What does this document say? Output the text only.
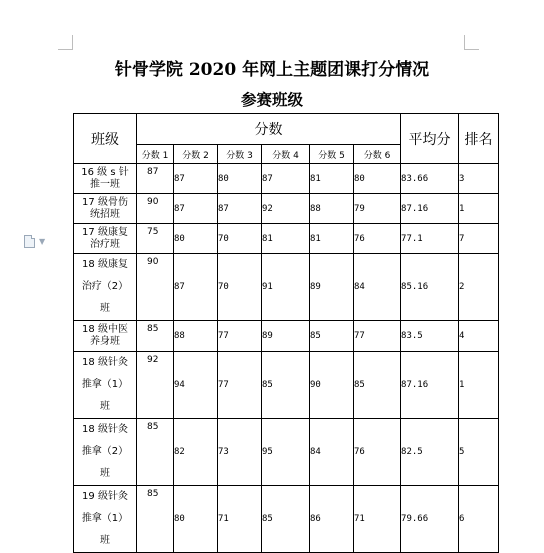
▼
针骨学院 2020 年网上主题团课打分情况
参赛班级
班级	分数						平均分	排名
	分数 1	分数 2	分数 3	分数 4	分数 5	分数 6		

16 级 s 针
推一班	87	87	80	87	81	80	83.66	3

17 级骨伤
统招班	90	87	87	92	88	79	87.16	1

17 级康复
治疗班	75	80	70	81	81	76	77.1	7

18 级康复
治疗（2）
班	90	87	70	91	89	84	85.16	2

18 级中医
养身班	85	88	77	89	85	77	83.5	4

18 级针灸
推拿（1）
班	92	94	77	85	90	85	87.16	1

18 级针灸
推拿（2）
班	85	82	73	95	84	76	82.5	5

19 级针灸
推拿（1）
班	85	80	71	85	86	71	79.66	6
